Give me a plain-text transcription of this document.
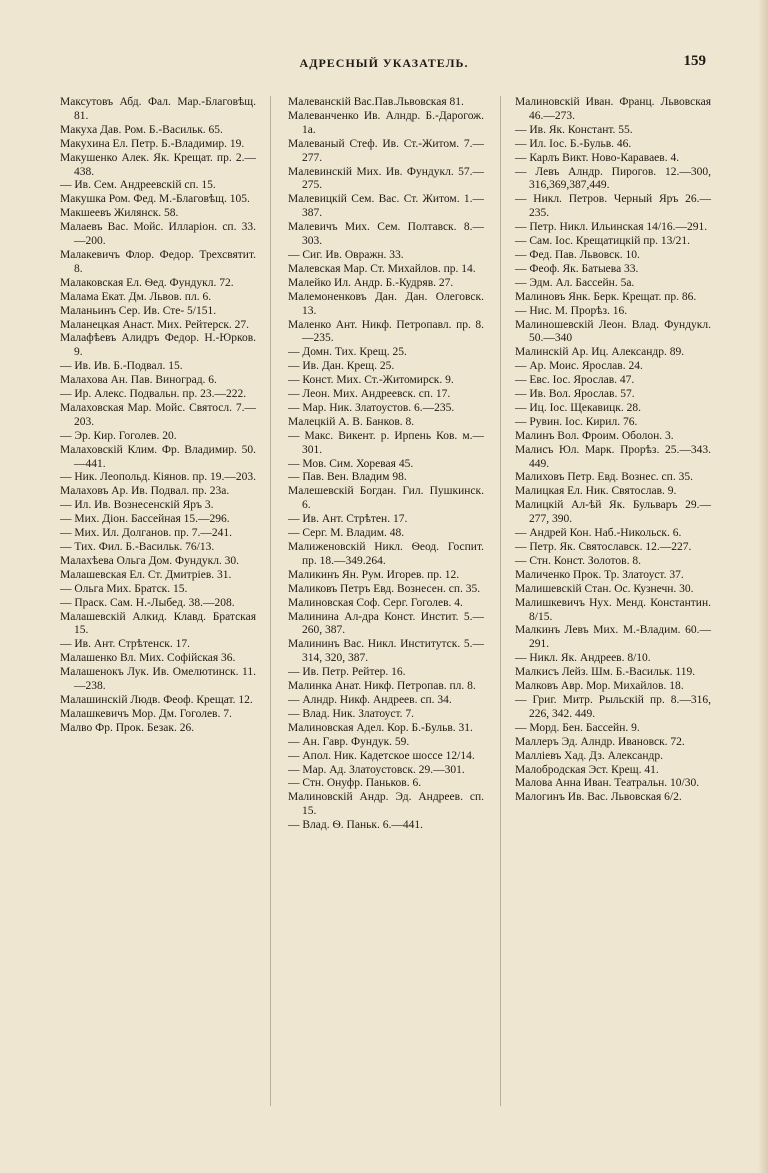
АДРЕСНЫЙ УКАЗАТЕЛЬ.	159

Максутовъ Абд. Фал. Мар.-Благовѣщ. 81.

Макуха Дав. Ром. Б.-Васильк. 65.

Макухина Ел. Петр. Б.-Владимир. 19.

Макушенко Алек. Як. Крещат. пр. 2.—438.

— Ив. Сем. Андреевскій сп. 15.

Макушка Ром. Фед. М.-Благовѣщ. 105.

Макшеевъ Жилянск. 58.

Малаевъ Вас. Мойс. Илларіон. сп. 33.—200.

Малакевичъ Флор. Федор. Трехсвятит. 8.

Малаковская Ел. Ѳед. Фундукл. 72.

Малама Екат. Дм. Львов. пл. 6.

Маланьинъ Сер. Ив. Сте- 5/151.

Маланецкая Анаст. Мих. Рейтерск. 27.

Малафѣевъ Алидръ Федор. Н.-Юрков. 9.

— Ив. Ив. Б.-Подвал. 15.

Малахова Ан. Пав. Виноград. 6.

— Ир. Алекс. Подвальн. пр. 23.—222.

Малаховская Мар. Мойс. Святосл. 7.—203.

— Эр. Кир. Гоголев. 20.

Малаховскій Клим. Фр. Владимир. 50.—441.

— Ник. Леопольд. Кіянов. пр. 19.—203.

Малаховъ Ар. Ив. Подвал. пр. 23а.

— Ил. Ив. Вознесенскій Яръ 3.

— Мих. Діон. Бассейная 15.—296.

— Мих. Ил. Долганов. пр. 7.—241.

— Тих. Фил. Б.-Васильк. 76/13.

Малахѣева Ольга Дом. Фундукл. 30.

Малашевская Ел. Ст. Дмитріев. 31.

— Ольга Мих. Братск. 15.

— Праск. Сам. Н.-Лыбед. 38.—208.

Малашевскій Алкид. Клавд. Братская 15.

— Ив. Ант. Стрѣтенск. 17.

Малашенко Вл. Мих. Софійская 36.

Малашенокъ Лук. Ив. Омелютинск. 11.—238.

Малашинскій Людв. Феоф. Крещат. 12.

Малашкевичъ Мор. Дм. Гоголев. 7.

Малво Фр. Прок. Безак. 26.

Малеванскій Вас.Пав.Львовская 81.

Малеванченко Ив. Алндр. Б.-Дарогож. 1а.

Малеваный Стеф. Ив. Ст.-Житом. 7.—277.

Малевинскій Мих. Ив. Фундукл. 57.—275.

Малевицкій Сем. Вас. Ст. Житом. 1.—387.

Малевичъ Мих. Сем. Полтавск. 8.—303.

— Сиг. Ив. Овражн. 33.

Малевская Мар. Ст. Михайлов. пр. 14.

Малейко Ил. Андр. Б.-Кудряв. 27.

Малемоненковъ Дан. Дан. Олеговск. 13.

Маленко Ант. Никф. Петропавл. пр. 8.—235.

— Домн. Тих. Крещ. 25.

— Ив. Дан. Крещ. 25.

— Конст. Мих. Ст.-Житомирск. 9.

— Леон. Мих. Андреевск. сп. 17.

— Мар. Ник. Златоустов. 6.—235.

Малецкій А. В. Банков. 8.

— Макс. Викент. р. Ирпень Ков. м.—301.

— Мов. Сим. Хоревая 45.

— Пав. Вен. Владим 98.

Малешевскій Богдан. Гил. Пушкинск. 6.

— Ив. Ант. Стрѣтен. 17.

— Серг. М. Владим. 48.

Малиженовскій Никл. Ѳеод. Госпит. пр. 18.—349.264.

Маликинъ Ян. Рум. Игорев. пр. 12.

Маликовъ Петръ Евд. Вознесен. сп. 35.

Малиновская Соф. Серг. Гоголев. 4.

Малинина Ал-дра Конст. Инстит. 5.—260, 387.

Малининъ Вас. Никл. Институтск. 5.—314, 320, 387.

— Ив. Петр. Рейтер. 16.

Малинка Анат. Никф. Петропав. пл. 8.

— Алндр. Никф. Андреев. сп. 34.

— Влад. Ник. Златоуст. 7.

Малиновская Адел. Кор. Б.-Бульв. 31.

— Ан. Гавр. Фундук. 59.

— Апол. Ник. Кадетское шоссе 12/14.

— Мар. Ад. Златоустовск. 29.—301.

— Стн. Онуфр. Паньков. 6.

Малиновскій Андр. Эд. Андреев. сп. 15.

— Влад. Ѳ. Паньк. 6.—441.

Малиновскій Иван. Франц. Львовская 46.—273.

— Ив. Як. Констант. 55.

— Ил. Іос. Б.-Бульв. 46.

— Карлъ Викт. Ново-Караваев. 4.

— Левъ Алндр. Пирогов. 12.—300, 316,369,387,449.

— Никл. Петров. Черный Яръ 26.—235.

— Петр. Никл. Ильинская 14/16.—291.

— Сам. Іос. Крещатицкій пр. 13/21.

— Фед. Пав. Львовск. 10.

— Феоф. Як. Батыева 33.

— Эдм. Ал. Бассейн. 5а.

Малиновъ Янк. Берк. Крещат. пр. 86.

— Нис. М. Прорѣз. 16.

Малиношевскій Леон. Влад. Фундукл. 50.—340

Малинскій Ар. Иц. Александр. 89.

— Ар. Моис. Ярослав. 24.

— Евс. Іос. Ярослав. 47.

— Ив. Вол. Ярослав. 57.

— Иц. Іос. Щекавицк. 28.

— Рувин. Іос. Кирил. 76.

Малинъ Вол. Фроим. Оболон. 3.

Малисъ Юл. Марк. Прорѣз. 25.—343. 449.

Малиховъ Петр. Евд. Вознес. сп. 35.

Малицкая Ел. Ник. Святослав. 9.

Малицкій Ал-ѣй Як. Бульваръ 29.—277, 390.

— Андрей Кон. Наб.-Никольск. 6.

— Петр. Як. Святославск. 12.—227.

— Стн. Конст. Золотов. 8.

Маличенко Прок. Тр. Златоуст. 37.

Малишевскій Стан. Ос. Кузнечн. 30.

Малишкевичъ Нух. Менд. Константин. 8/15.

Малкинъ Левъ Мих. М.-Владим. 60.—291.

— Никл. Як. Андреев. 8/10.

Малкисъ Лейз. Шм. Б.-Васильк. 119.

Малковъ Авр. Мор. Михайлов. 18.

— Григ. Митр. Рыльскій пр. 8.—316, 226, 342. 449.

— Морд. Бен. Бассейн. 9.

Маллеръ Эд. Алндр. Ивановск. 72.

Малліевъ Хад. Дз. Александр.

Малобродская Эст. Крещ. 41.

Малова Анна Иван. Театральн. 10/30.

Малогинъ Ив. Вас. Львовская 6/2.
